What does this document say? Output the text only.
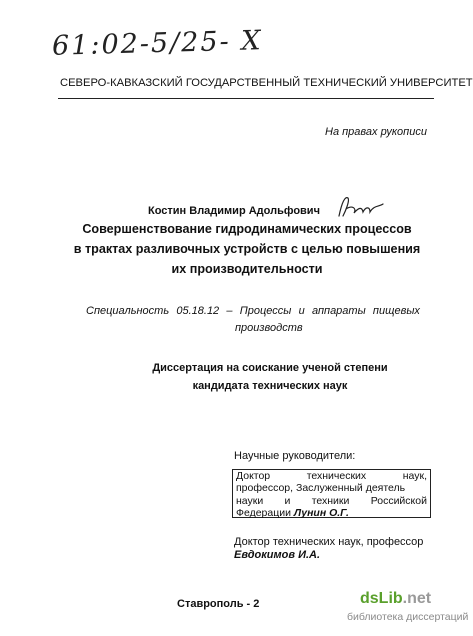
61:02-5/25- X
СЕВЕРО-КАВКАЗСКИЙ ГОСУДАРСТВЕННЫЙ ТЕХНИЧЕСКИЙ УНИВЕРСИТЕТ
На правах рукописи
Костин Владимир Адольфович
Совершенствование гидродинамических процессов
в трактах разливочных устройств с целью повышения
их производительности
Специальность 05.18.12 – Процессы и аппараты пищевых
производств
Диссертация на соискание ученой степени
кандидата технических наук
Научные руководители:
Доктор	технических	наук,
профессор, Заслуженный деятель
науки и техники Российской
Федерации Лунин О.Г.
Доктор технических наук, профессор
Евдокимов И.А.
Ставрополь - 2	dsLib.net
библиотека диссертаций
